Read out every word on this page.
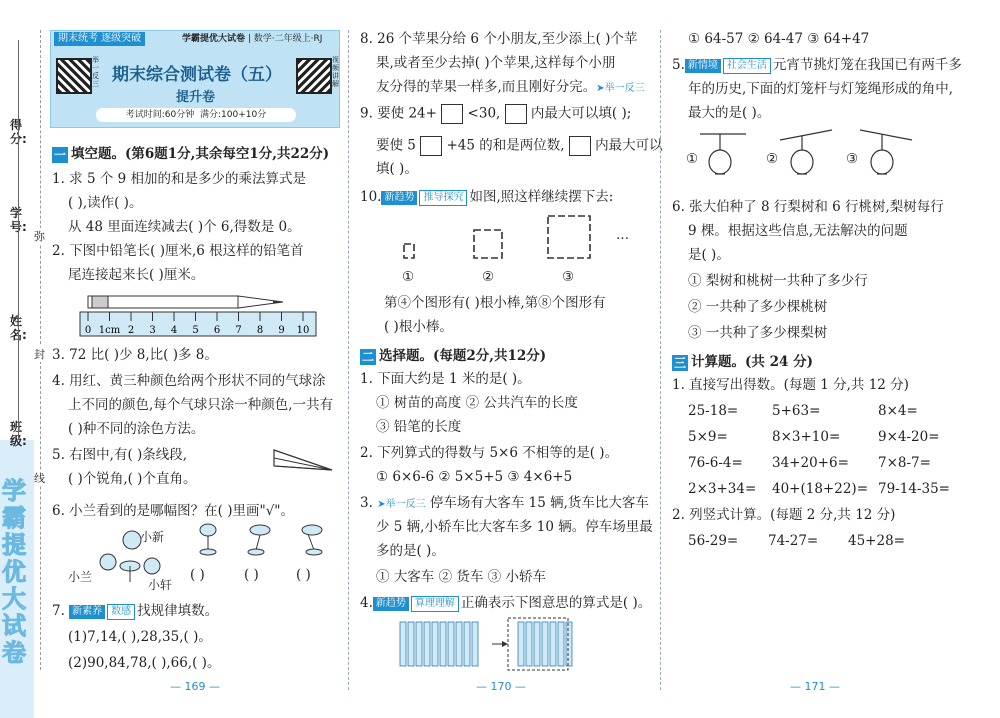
学霸提优大试卷
得分:
学号:
姓名:
班级:
弥
封
线
期末统考 逐级突破	学霸提优大试卷 | 数学·二年级上·RJ
举一反三
视频讲解
期末综合测试卷（五）
提升卷
考试时间:60分钟 满分:100+10分
一 填空题。(第6题1分,其余每空1分,共22分)
1. 求 5 个 9 相加的和是多少的乘法算式是
( ),读作( )。
从 48 里面连续减去( )个 6,得数是 0。
2. 下图中铅笔长( )厘米,6 根这样的铅笔首
尾连接起来长( )厘米。
0 1cm 2 3 4 5 6 7 8 9 10
3. 72 比( )少 8,比( )多 8。
4. 用红、黄三种颜色给两个形状不同的气球涂
上不同的颜色,每个气球只涂一种颜色,一共有
( )种不同的涂色方法。
5. 右图中,有( )条线段,
( )个锐角,( )个直角。
6. 小兰看到的是哪幅图？在( )里画"√"。
小新
小兰
小轩
( )	( )	( )
7. 新素养 数感 找规律填数。
(1)7,14,( ),28,35,( )。
(2)90,84,78,( ),66,( )。
— 169 —
8. 26 个苹果分给 6 个小朋友,至少添上( )个苹
果,或者至少去掉( )个苹果,这样每个小朋
友分得的苹果一样多,而且刚好分完。➤举一反三
9. 要使 24+ <30, 内最大可以填( );
要使 5 +45 的和是两位数, 内最大可以
填( )。
10. 新趋势 推导探究 如图,照这样继续摆下去:
…
①	②	③
第④个图形有( )根小棒,第⑧个图形有
( )根小棒。
二 选择题。(每题2分,共12分)
1. 下面大约是 1 米的是( )。
① 树苗的高度 ② 公共汽车的长度
③ 铅笔的长度
2. 下列算式的得数与 5×6 不相等的是( )。
① 6×6-6 ② 5×5+5 ③ 4×6+5
3. ➤举一反三 停车场有大客车 15 辆,货车比大客车
少 5 辆,小轿车比大客车多 10 辆。停车场里最
多的是( )。
① 大客车 ② 货车 ③ 小轿车
4. 新趋势 算理理解 正确表示下图意思的算式是( )。
— 170 —
① 64-57 ② 64-47 ③ 64+47
5. 新情境 社会生活 元宵节挑灯笼在我国已有两千多
年的历史,下面的灯笼杆与灯笼绳形成的角中,
最大的是( )。
①	②	③
6. 张大伯种了 8 行梨树和 6 行桃树,梨树每行
9 棵。根据这些信息,无法解决的问题
是( )。
① 梨树和桃树一共种了多少行
② 一共种了多少棵桃树
③ 一共种了多少棵梨树
三 计算题。(共 24 分)
1. 直接写出得数。(每题 1 分,共 12 分)
25-18=	5+63=	8×4=
5×9=	8×3+10=	9×4-20=
76-6-4= 34+20+6= 7×8-7=
2×3+34= 40+(18+22)= 79-14-35=
2. 列竖式计算。(每题 2 分,共 12 分)
56-29= 74-27= 45+28=
— 171 —
